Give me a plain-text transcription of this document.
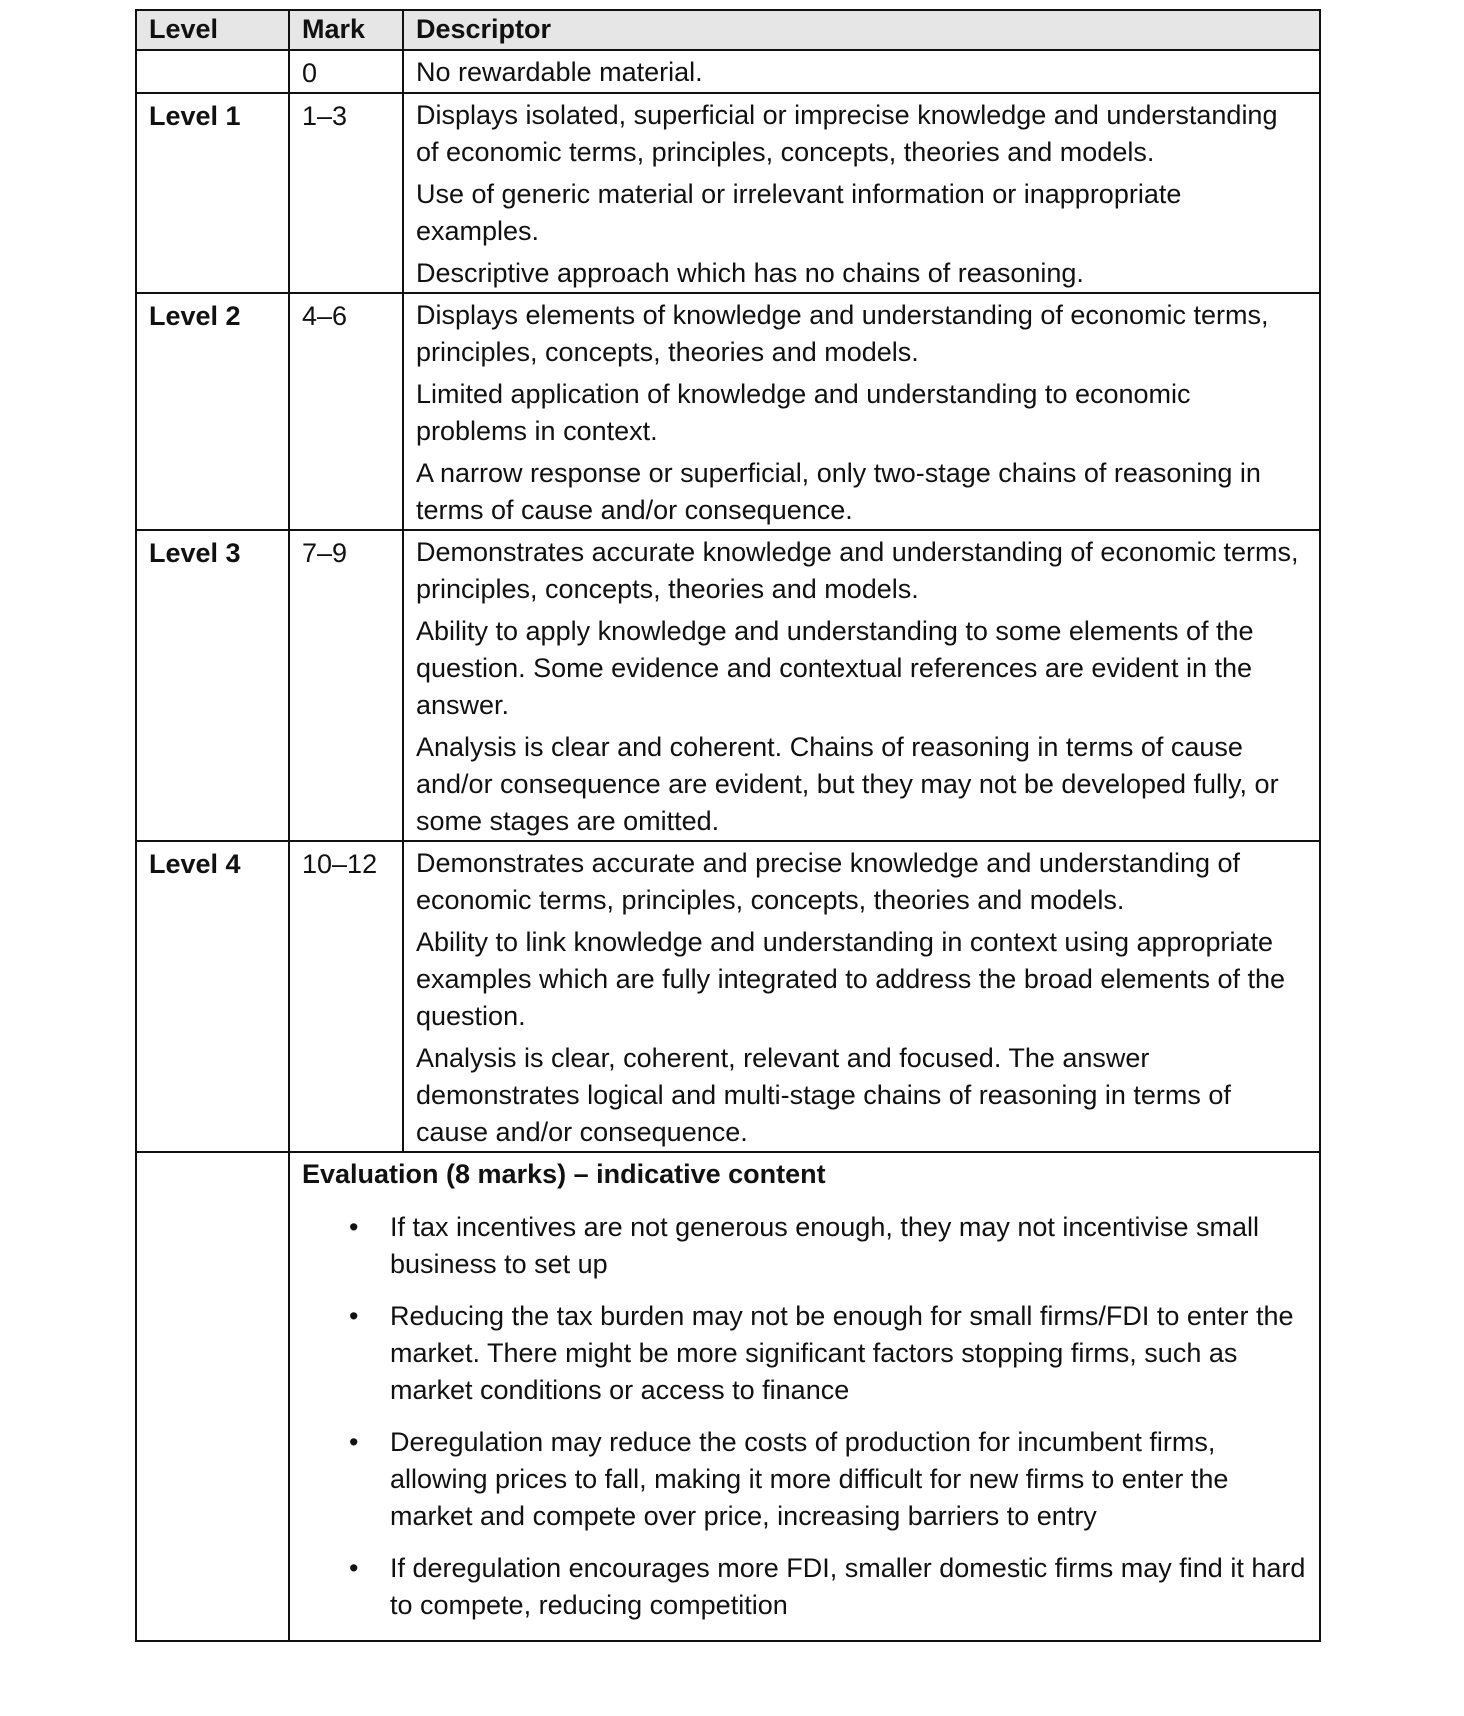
Level	Mark	Descriptor
	0	No rewardable material.

Level 1	1–3	Displays isolated, superficial or imprecise knowledge and understanding of economic terms, principles, concepts, theories and models.

Use of generic material or irrelevant information or inappropriate examples.

Descriptive approach which has no chains of reasoning.

Level 2	4–6	Displays elements of knowledge and understanding of economic terms, principles, concepts, theories and models.

Limited application of knowledge and understanding to economic problems in context.

A narrow response or superficial, only two-stage chains of reasoning in terms of cause and/or consequence.

Level 3	7–9	Demonstrates accurate knowledge and understanding of economic terms, principles, concepts, theories and models.

Ability to apply knowledge and understanding to some elements of the question. Some evidence and contextual references are evident in the answer.

Analysis is clear and coherent. Chains of reasoning in terms of cause and/or consequence are evident, but they may not be developed fully, or some stages are omitted.

Level 4	10–12	Demonstrates accurate and precise knowledge and understanding of economic terms, principles, concepts, theories and models.

Ability to link knowledge and understanding in context using appropriate examples which are fully integrated to address the broad elements of the question.

Analysis is clear, coherent, relevant and focused. The answer demonstrates logical and multi-stage chains of reasoning in terms of cause and/or consequence.

Evaluation (8 marks) – indicative content

• If tax incentives are not generous enough, they may not incentivise small business to set up
• Reducing the tax burden may not be enough for small firms/FDI to enter the market. There might be more significant factors stopping firms, such as market conditions or access to finance
• Deregulation may reduce the costs of production for incumbent firms, allowing prices to fall, making it more difficult for new firms to enter the market and compete over price, increasing barriers to entry
• If deregulation encourages more FDI, smaller domestic firms may find it hard to compete, reducing competition
